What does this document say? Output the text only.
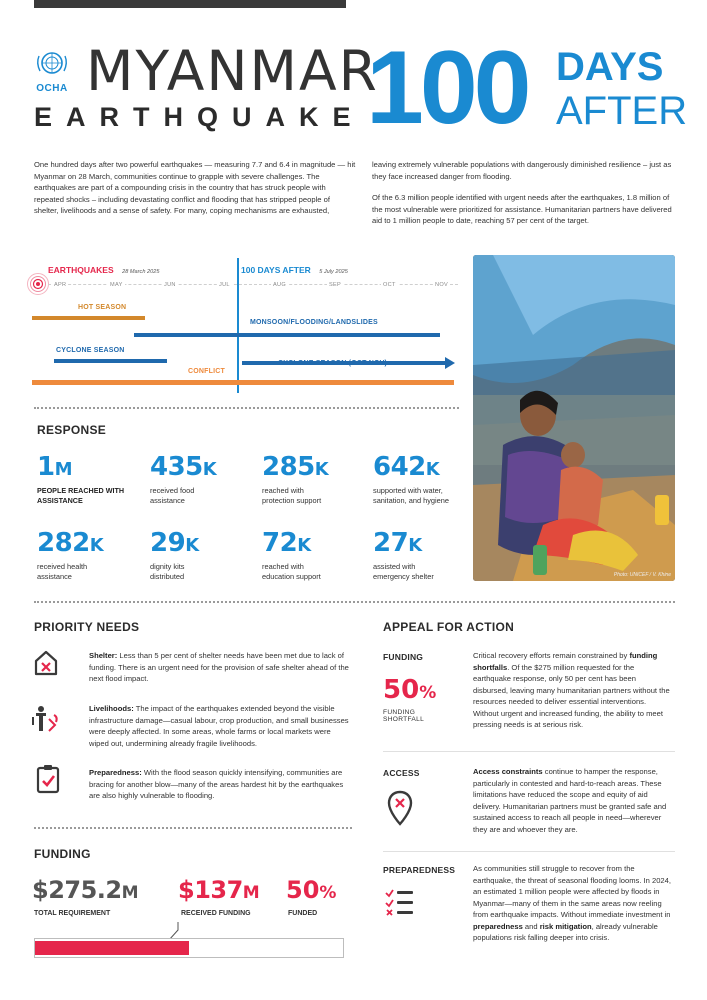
OCHA MYANMAR
EARTHQUAKE 100 DAYS
AFTER
One hundred days after two powerful earthquakes — measuring 7.7 and 6.4 in magnitude — hit Myanmar on 28 March, communities continue to grapple with severe challenges. The earthquakes are part of a compounding crisis in the country that has struck people with repeated shocks – including devastating conflict and flooding that has stripped people of shelter, livelihoods and a sense of safety. For many, coping mechanisms are exhausted,
leaving extremely vulnerable populations with dangerously diminished resilience – just as they face increased danger from flooding.
Of the 6.3 million people identified with urgent needs after the earthquakes, 1.8 million of the most vulnerable were prioritized for assistance. Humanitarian partners have delivered aid to 1 million people to date, reaching 57 per cent of the target.
EARTHQUAKES 28 March 2025	100 DAYS AFTER 5 July 2025
APR	MAY	JUN	JUL	AUG	SEP	OCT	NOV
HOT SEASON
MONSOON/FLOODING/LANDSLIDES
CYCLONE SEASON
CONFLICT
Photo: UNICEF / V. Khine
RESPONSE
1M
PEOPLE REACHED WITH ASSISTANCE
435K
received food assistance
285K
reached with protection support
642K
supported with water, sanitation, and hygiene
282K
received health assistance
29K
dignity kits distributed
72K
reached with education support
27K
assisted with emergency shelter
PRIORITY NEEDS
Shelter: Less than 5 per cent of shelter needs have been met due to lack of funding. There is an urgent need for the provision of safe shelter ahead of the next flood impact.
Livelihoods: The impact of the earthquakes extended beyond the visible infrastructure damage—casual labour, crop production, and small businesses were deeply affected. In some areas, whole farms or local markets were wiped out, undermining already fragile livelihoods.
Preparedness: With the flood season quickly intensifying, communities are bracing for another blow—many of the areas hardest hit by the earthquakes are also highly vulnerable to flooding.
FUNDING
$275.2M
TOTAL REQUIREMENT
$137M
RECEIVED FUNDING
50%
FUNDED
APPEAL FOR ACTION
FUNDING
50%
FUNDING
SHORTFALL
Critical recovery efforts remain constrained by funding shortfalls. Of the $275 million requested for the earthquake response, only 50 per cent has been disbursed, leaving many humanitarian partners without the resources needed to deliver essential interventions. Without urgent and increased funding, the ability to meet pressing needs is at serious risk.
ACCESS	Access constraints continue to hamper the response, particularly in contested and hard-to-reach areas. These limitations have reduced the scope and equity of aid delivery. Humanitarian partners must be granted safe and sustained access to reach all people in need—wherever they are and whoever they are.
PREPAREDNESS As communities still struggle to recover from the earthquake, the threat of seasonal flooding looms. In 2024, an estimated 1 million people were affected by floods in Myanmar—many of them in the same areas now reeling from earthquake impacts. Without immediate investment in preparedness and risk mitigation, already vulnerable populations risk falling deeper into crisis.
